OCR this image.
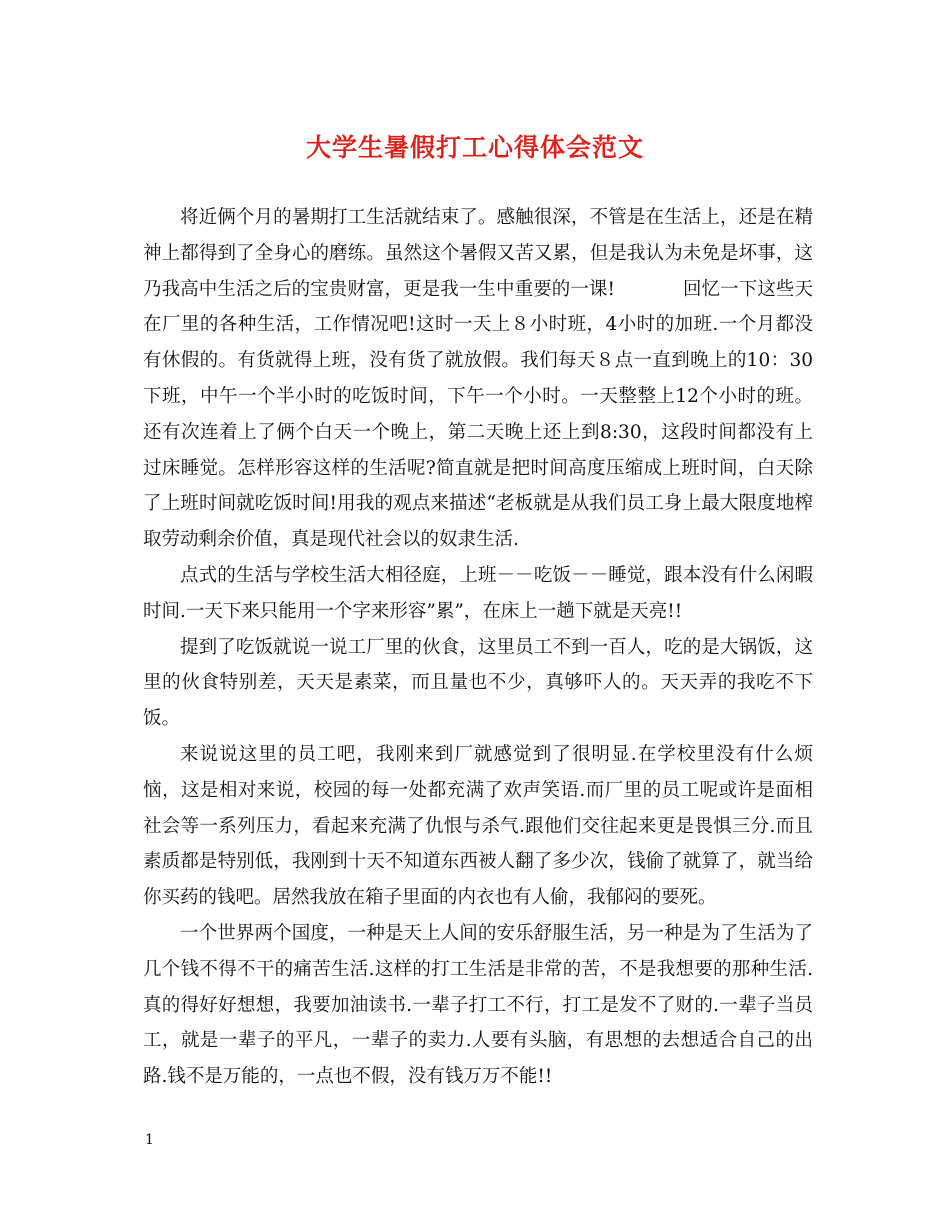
大学生暑假打工心得体会范文

将近俩个月的暑期打工生活就结束了。感触很深，不管是在生活上，还是在精神上都得到了全身心的磨练。虽然这个暑假又苦又累，但是我认为未免是坏事，这乃我高中生活之后的宝贵财富，更是我一生中重要的一课!	回忆一下这些天在厂里的各种生活，工作情况吧!这时一天上８小时班，4小时的加班.一个月都没有休假的。有货就得上班，没有货了就放假。我们每天８点一直到晚上的10：30下班，中午一个半小时的吃饭时间，下午一个小时。一天整整上12个小时的班。还有次连着上了俩个白天一个晚上，第二天晚上还上到8:30，这段时间都没有上过床睡觉。怎样形容这样的生活呢?简直就是把时间高度压缩成上班时间，白天除了上班时间就吃饭时间!用我的观点来描述“老板就是从我们员工身上最大限度地榨取劳动剩余价值，真是现代社会以的奴隶生活.

点式的生活与学校生活大相径庭，上班－－吃饭－－睡觉，跟本没有什么闲暇时间.一天下来只能用一个字来形容”累”，在床上一趟下就是天亮!!

提到了吃饭就说一说工厂里的伙食，这里员工不到一百人，吃的是大锅饭，这里的伙食特别差，天天是素菜，而且量也不少，真够吓人的。天天弄的我吃不下饭。

来说说这里的员工吧，我刚来到厂就感觉到了很明显.在学校里没有什么烦恼，这是相对来说，校园的每一处都充满了欢声笑语.而厂里的员工呢或许是面相社会等一系列压力，看起来充满了仇恨与杀气.跟他们交往起来更是畏惧三分.而且素质都是特别低，我刚到十天不知道东西被人翻了多少次，钱偷了就算了，就当给你买药的钱吧。居然我放在箱子里面的内衣也有人偷，我郁闷的要死。

一个世界两个国度，一种是天上人间的安乐舒服生活，另一种是为了生活为了几个钱不得不干的痛苦生活.这样的打工生活是非常的苦，不是我想要的那种生活.真的得好好想想，我要加油读书.一辈子打工不行，打工是发不了财的.一辈子当员工，就是一辈子的平凡，一辈子的卖力.人要有头脑，有思想的去想适合自己的出路.钱不是万能的，一点也不假，没有钱万万不能!!

1
